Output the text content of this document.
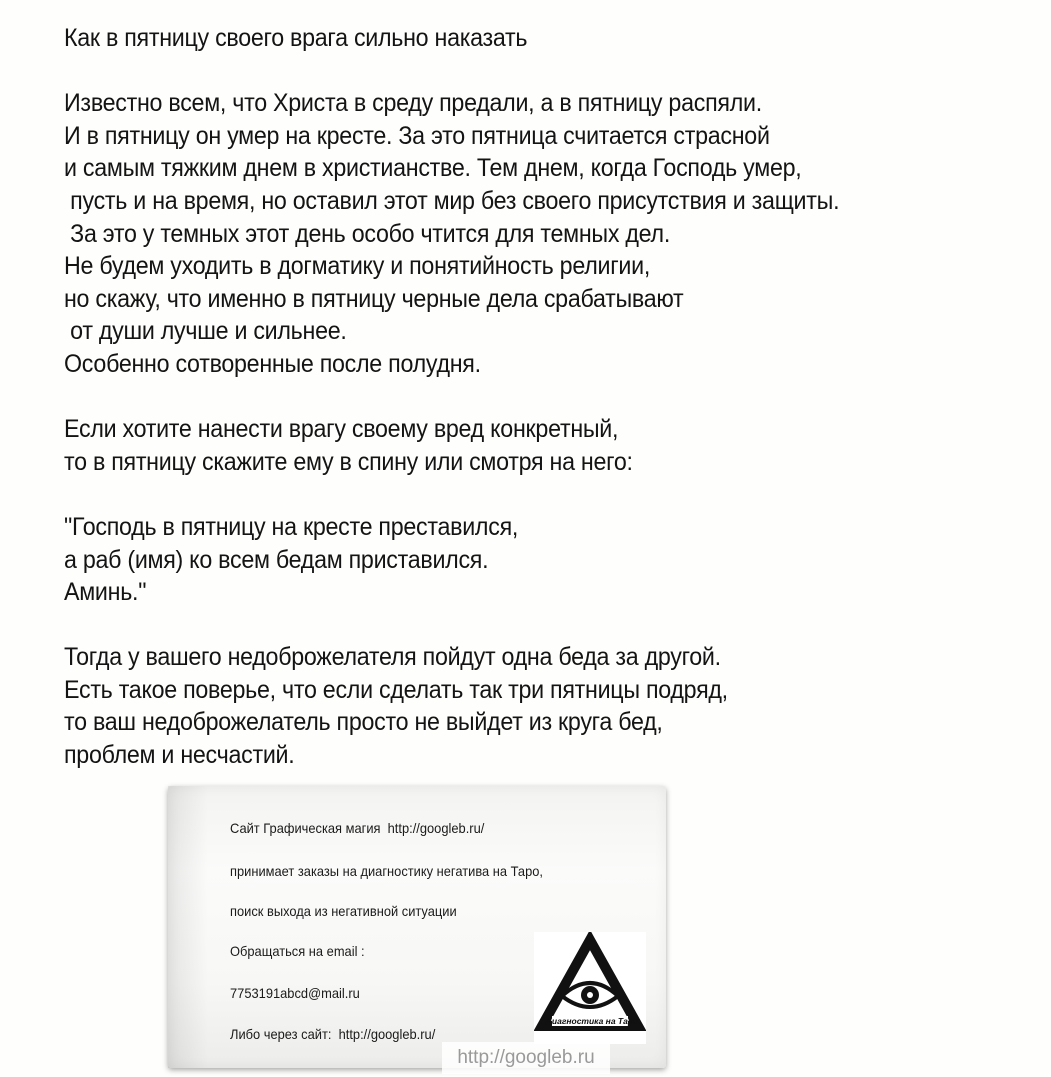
Как в пятницу своего врага сильно наказать
Известно всем, что Христа в среду предали, а в пятницу распяли.
И в пятницу он умер на кресте. За это пятница считается страсной
и самым тяжким днем в христианстве. Тем днем, когда Господь умер,
пусть и на время, но оставил этот мир без своего присутствия и защиты.
За это у темных этот день особо чтится для темных дел.
Не будем уходить в догматику и понятийность религии,
но скажу, что именно в пятницу черные дела срабатывают
от души лучше и сильнее.
Особенно сотворенные после полудня.
Если хотите нанести врагу своему вред конкретный,
то в пятницу скажите ему в спину или смотря на него:
"Господь в пятницу на кресте преставился,
а раб (имя) ко всем бедам приставился.
Аминь."
Тогда у вашего недоброжелателя пойдут одна беда за другой.
Есть такое поверье, что если сделать так три пятницы подряд,
то ваш недоброжелатель просто не выйдет из круга бед,
проблем и несчастий.
Сайт Графическая магия  http://googleb.ru/
принимает заказы на диагностику негатива на Таро,
поиск выхода из негативной ситуации
Обращаться на email :
7753191abcd@mail.ru
Либо через сайт:  http://googleb.ru/
Диагностика на Таро
http://googleb.ru
